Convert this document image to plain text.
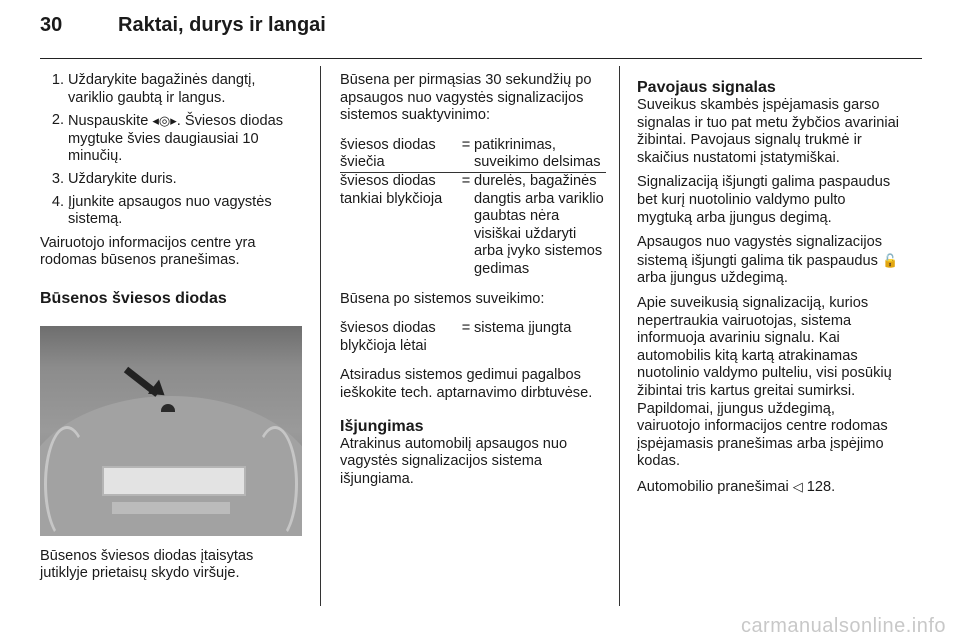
30	Raktai, durys ir langai
1. Uždarykite bagažinės dangtį, variklio gaubtą ir langus.
2. Nuspauskite ◂◎▸. Šviesos diodas mygtuke švies daugiausiai 10 minučių.
3. Uždarykite duris.
4. Įjunkite apsaugos nuo vagystės sistemą.

Vairuotojo informacijos centre yra rodomas būsenos pranešimas.

Būsenos šviesos diodas

Būsenos šviesos diodas įtaisytas jutiklyje prietaisų skydo viršuje.

Būsena per pirmąsias 30 sekundžių po apsaugos nuo vagystės signalizacijos sistemos suaktyvinimo:

šviesos diodas šviečia	=	patikrinimas, suveikimo delsimas
šviesos diodas tankiai blykčioja	=	durelės, bagažinės dangtis arba variklio gaubtas nėra visiškai uždaryti arba įvyko sistemos gedimas

Būsena po sistemos suveikimo:

šviesos diodas blykčioja lėtai	=	sistema įjungta

Atsiradus sistemos gedimui pagalbos ieškokite tech. aptarnavimo dirbtuvėse.

Išjungimas

Atrakinus automobilį apsaugos nuo vagystės signalizacijos sistema išjungiama.

Pavojaus signalas

Suveikus skambės įspėjamasis garso signalas ir tuo pat metu žybčios avariniai žibintai. Pavojaus signalų trukmė ir skaičius nustatomi įstatymiškai.

Signalizaciją išjungti galima paspaudus bet kurį nuotolinio valdymo pulto mygtuką arba įjungus degimą.

Apsaugos nuo vagystės signalizacijos sistemą išjungti galima tik paspaudus 🔓 arba įjungus uždegimą.

Apie suveikusią signalizaciją, kurios nepertraukia vairuotojas, sistema informuoja avariniu signalu. Kai automobilis kitą kartą atrakinamas nuotolinio valdymo pulteliu, visi posūkių žibintai tris kartus greitai sumirksi. Papildomai, įjungus uždegimą, vairuotojo informacijos centre rodomas įspėjamasis pranešimas arba įspėjimo kodas.

Automobilio pranešimai ◁ 128.

carmanualsonline.info
